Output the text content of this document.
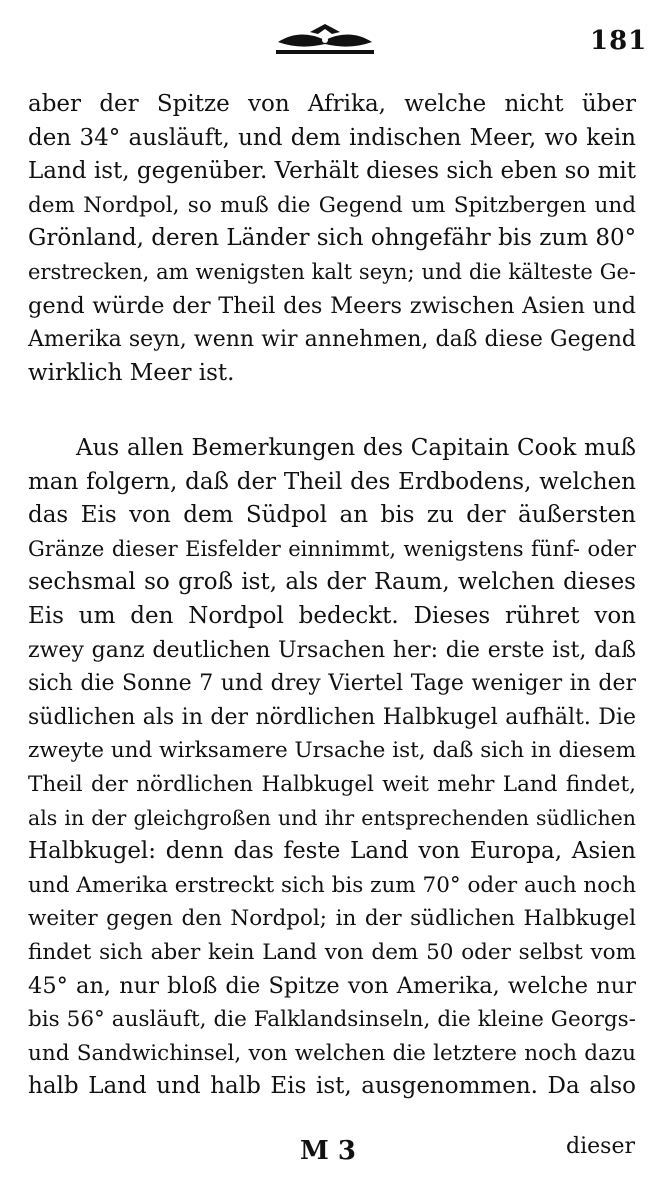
181
aber der Spitze von Afrika, welche nicht über
den 34° ausläuft, und dem indischen Meer, wo kein
Land ist, gegenüber. Verhält dieses sich eben so mit
dem Nordpol, so muß die Gegend um Spitzbergen und
Grönland, deren Länder sich ohngefähr bis zum 80°
erstrecken, am wenigsten kalt seyn; und die kälteste Ge-
gend würde der Theil des Meers zwischen Asien und
Amerika seyn, wenn wir annehmen, daß diese Gegend
wirklich Meer ist.
Aus allen Bemerkungen des Capitain Cook muß
man folgern, daß der Theil des Erdbodens, welchen
das Eis von dem Südpol an bis zu der äußersten
Gränze dieser Eisfelder einnimmt, wenigstens fünf- oder
sechsmal so groß ist, als der Raum, welchen dieses
Eis um den Nordpol bedeckt. Dieses rühret von
zwey ganz deutlichen Ursachen her: die erste ist, daß
sich die Sonne 7 und drey Viertel Tage weniger in der
südlichen als in der nördlichen Halbkugel aufhält. Die
zweyte und wirksamere Ursache ist, daß sich in diesem
Theil der nördlichen Halbkugel weit mehr Land findet,
als in der gleichgroßen und ihr entsprechenden südlichen
Halbkugel: denn das feste Land von Europa, Asien
und Amerika erstreckt sich bis zum 70° oder auch noch
weiter gegen den Nordpol; in der südlichen Halbkugel
findet sich aber kein Land von dem 50 oder selbst vom
45° an, nur bloß die Spitze von Amerika, welche nur
bis 56° ausläuft, die Falklandsinseln, die kleine Georgs-
und Sandwichinsel, von welchen die letztere noch dazu
halb Land und halb Eis ist, ausgenommen. Da also
M 3	dieser
